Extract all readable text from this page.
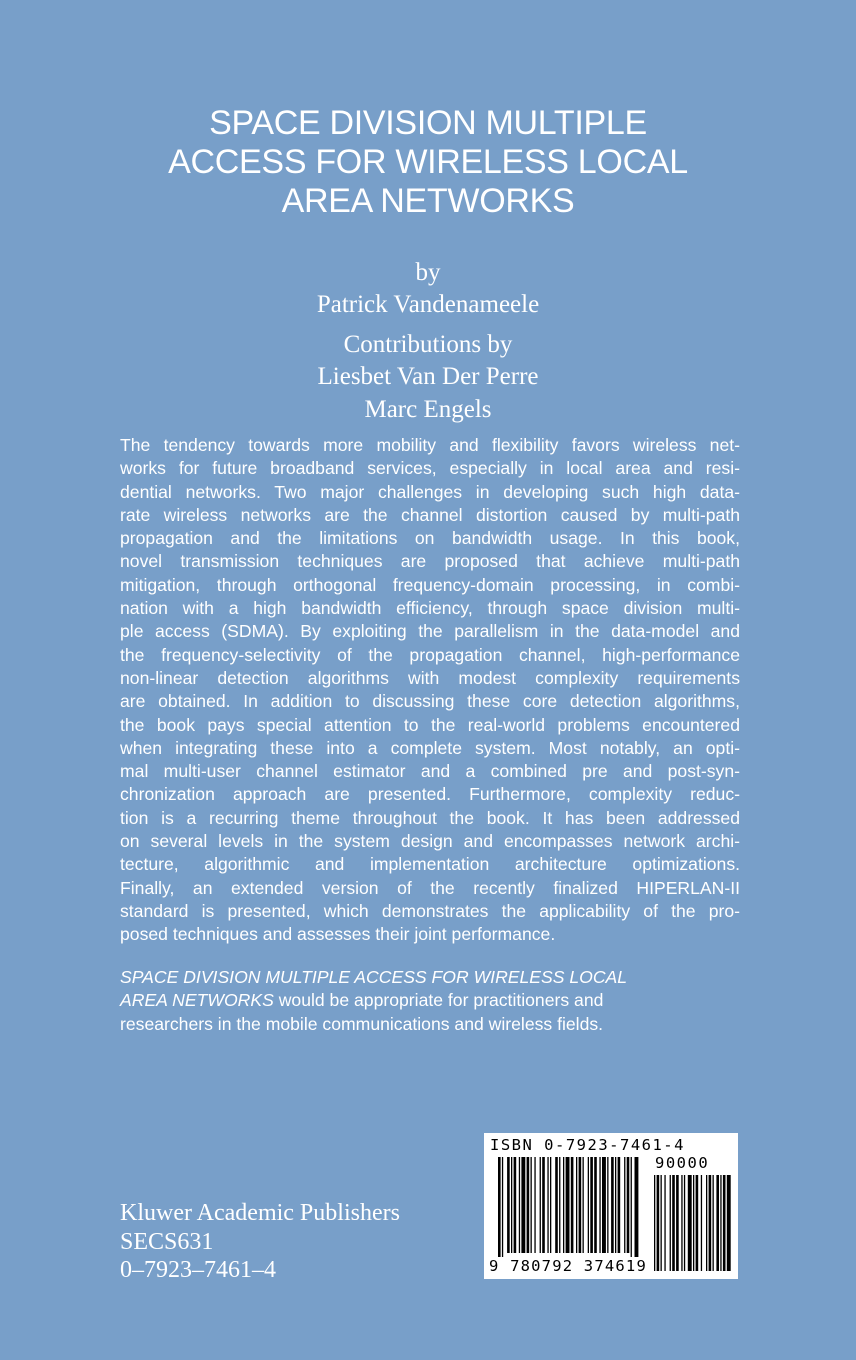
SPACE DIVISION MULTIPLE
ACCESS FOR WIRELESS LOCAL
AREA NETWORKS
by
Patrick Vandenameele
Contributions by
Liesbet Van Der Perre
Marc Engels
The tendency towards more mobility and flexibility favors wireless net-
works for future broadband services, especially in local area and resi-
dential networks. Two major challenges in developing such high data-
rate wireless networks are the channel distortion caused by multi-path
propagation and the limitations on bandwidth usage. In this book,
novel transmission techniques are proposed that achieve multi-path
mitigation, through orthogonal frequency-domain processing, in combi-
nation with a high bandwidth efficiency, through space division multi-
ple access (SDMA). By exploiting the parallelism in the data-model and
the frequency-selectivity of the propagation channel, high-performance
non-linear detection algorithms with modest complexity requirements
are obtained. In addition to discussing these core detection algorithms,
the book pays special attention to the real-world problems encountered
when integrating these into a complete system. Most notably, an opti-
mal multi-user channel estimator and a combined pre and post-syn-
chronization approach are presented. Furthermore, complexity reduc-
tion is a recurring theme throughout the book. It has been addressed
on several levels in the system design and encompasses network archi-
tecture, algorithmic and implementation architecture optimizations.
Finally, an extended version of the recently finalized HIPERLAN-II
standard is presented, which demonstrates the applicability of the pro-
posed techniques and assesses their joint performance.
SPACE DIVISION MULTIPLE ACCESS FOR WIRELESS LOCAL
AREA NETWORKS would be appropriate for practitioners and
researchers in the mobile communications and wireless fields.
Kluwer Academic Publishers
SECS631
0–7923–7461–4
ISBN 0-7923-7461-4
90000
9 780792 374619
